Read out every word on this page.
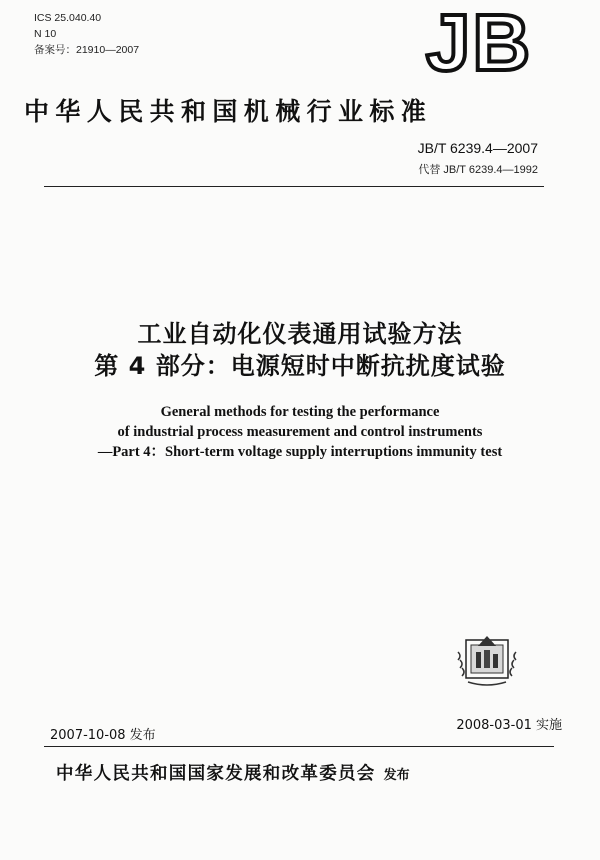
ICS 25.040.40
N 10
备案号：21910—2007	JB
中华人民共和国机械行业标准
JB/T 6239.4—2007
代替 JB/T 6239.4—1992
工业自动化仪表通用试验方法
第 4 部分：电源短时中断抗扰度试验
General methods for testing the performance
of industrial process measurement and control instruments
—Part 4：Short-term voltage supply interruptions immunity test
2007-10-08 发布
2008-03-01 实施
中华人民共和国国家发展和改革委员会 发布
